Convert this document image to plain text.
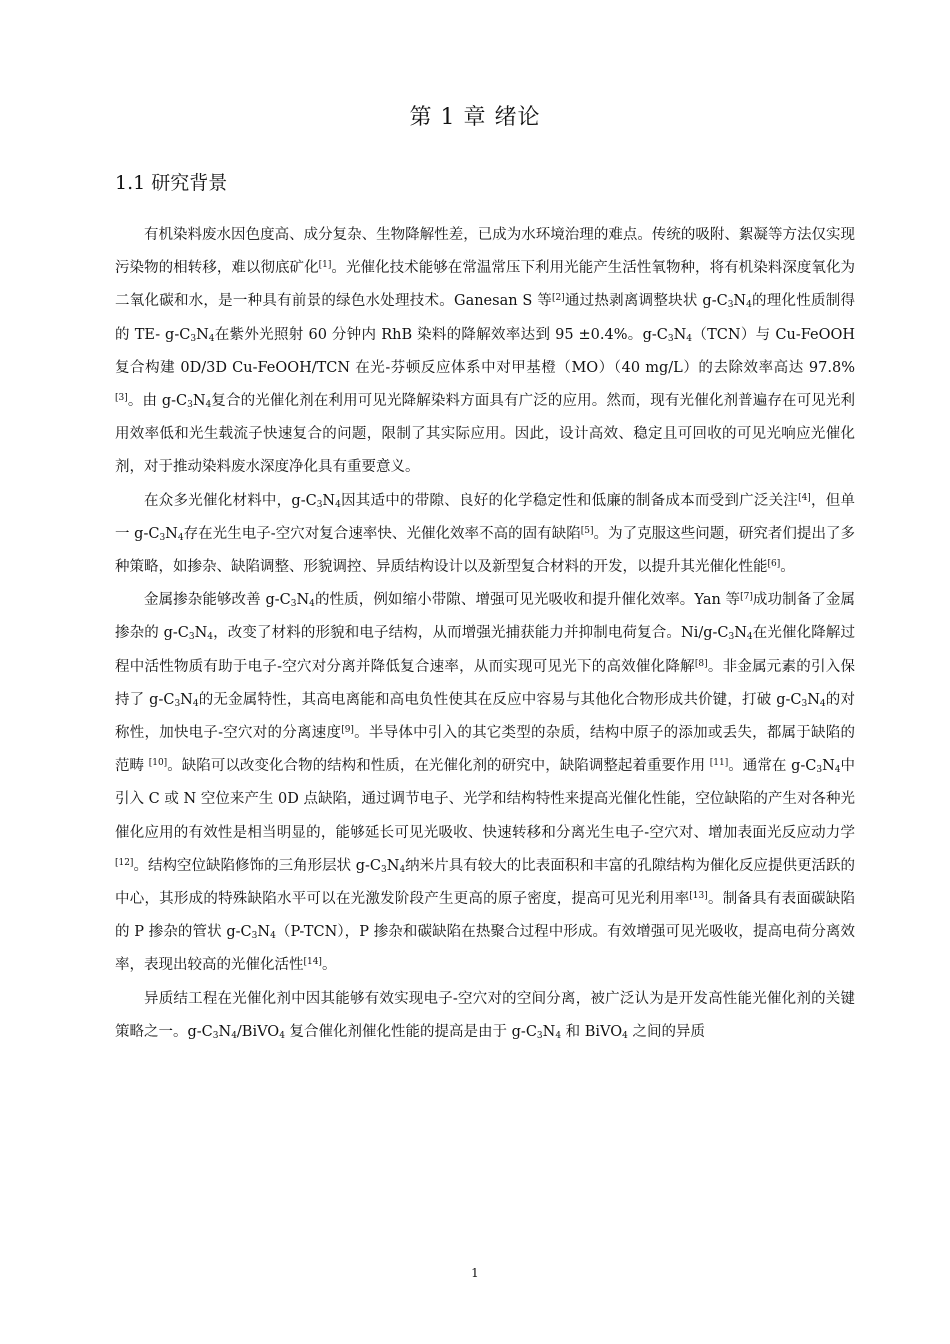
第 1 章 绪论
1.1 研究背景

有机染料废水因色度高、成分复杂、生物降解性差，已成为水环境治理的难点。传统的吸附、絮凝等方法仅实现污染物的相转移，难以彻底矿化[1]。光催化技术能够在常温常压下利用光能产生活性氧物种，将有机染料深度氧化为二氧化碳和水，是一种具有前景的绿色水处理技术。Ganesan S 等[2]通过热剥离调整块状 $g-C_3N_4$的理化性质制得的 TE- $g-C_3N_4$在紫外光照射 60 分钟内 RhB 染料的降解效率达到 95 ±0.4%。$g-C_3N_4(TCN)$与 Cu-FeOOH 复合构建 0D/3D Cu-FeOOH/TCN 在光-芬顿反应体系中对甲基橙（MO）（40 mg/L）的去除效率高达 97.8% [3]。由 $g-C_3N_4$复合的光催化剂在利用可见光降解染料方面具有广泛的应用。然而，现有光催化剂普遍存在可见光利用效率低和光生载流子快速复合的问题，限制了其实际应用。因此，设计高效、稳定且可回收的可见光响应光催化剂，对于推动染料废水深度净化具有重要意义。

在众多光催化材料中，$g-C_3N_4$因其适中的带隙、良好的化学稳定性和低廉的制备成本而受到广泛关注[4]，但单一 $g-C_3N_4$存在光生电子-空穴对复合速率快、光催化效率不高的固有缺陷[5]。为了克服这些问题，研究者们提出了多种策略，如掺杂、缺陷调整、形貌调控、异质结构设计以及新型复合材料的开发，以提升其光催化性能[6]。

金属掺杂能够改善 $g-C_3N_4$的性质，例如缩小带隙、增强可见光吸收和提升催化效率。Yan 等[7]成功制备了金属掺杂的 $g-C_3N_4$，改变了材料的形貌和电子结构，从而增强光捕获能力并抑制电荷复合。$Ni/g-C_3N_4$在光催化降解过程中活性物质有助于电子-空穴对分离并降低复合速率，从而实现可见光下的高效催化降解[8]。非金属元素的引入保持了 $g-C_3N_4$的无金属特性，其高电离能和高电负性使其在反应中容易与其他化合物形成共价键，打破 $g-C_3N_4$的对称性，加快电子-空穴对的分离速度[9]。半导体中引入的其它类型的杂质，结构中原子的添加或丢失，都属于缺陷的范畴 [10]。缺陷可以改变化合物的结构和性质，在光催化剂的研究中，缺陷调整起着重要作用 [11]。通常在 $g-C_3N_4$中引入 C 或 N 空位来产生 0D 点缺陷，通过调节电子、光学和结构特性来提高光催化性能，空位缺陷的产生对各种光催化应用的有效性是相当明显的，能够延长可见光吸收、快速转移和分离光生电子-空穴对、增加表面光反应动力学[12]。结构空位缺陷修饰的三角形层状 $g-C_3N_4$纳米片具有较大的比表面积和丰富的孔隙结构为催化反应提供更活跃的中心，其形成的特殊缺陷水平可以在光激发阶段产生更高的原子密度，提高可见光利用率[13]。制备具有表面碳缺陷的 P 掺杂的管状 $g-C_3N_4(P-TCN)$，P 掺杂和碳缺陷在热聚合过程中形成。有效增强可见光吸收，提高电荷分离效率，表现出较高的光催化活性[14]。

异质结工程在光催化剂中因其能够有效实现电子-空穴对的空间分离，被广泛认为是开发高性能光催化剂的关键策略之一。$g-C_3N_4/BiVO_4$ 复合催化剂催化性能的提高是由于 $g-C_3N_4$ 和 BiVO$_4$ 之间的异质

1
